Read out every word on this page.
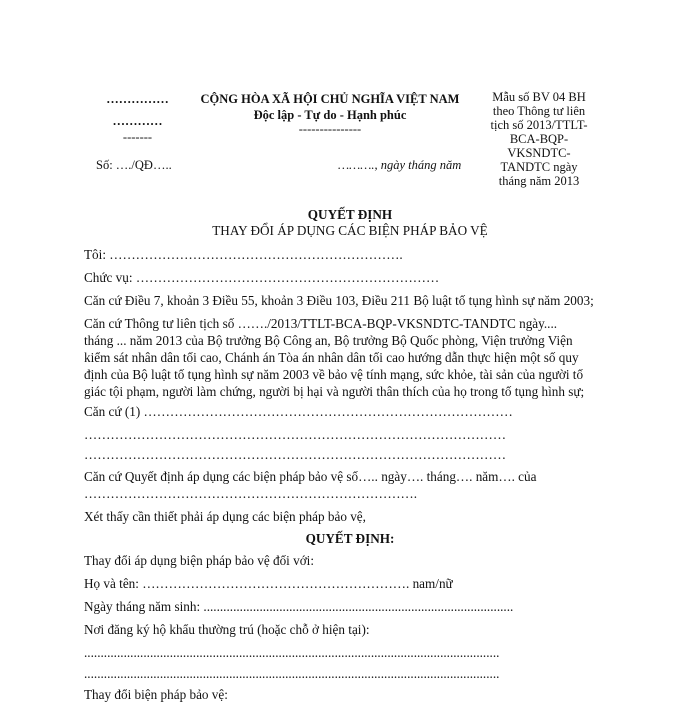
……………
…………
-------
Số: …./QĐ…..
CỘNG HÒA XÃ HỘI CHỦ NGHĨA VIỆT NAM
Độc lập - Tự do - Hạnh phúc
---------------
………., ngày tháng năm
Mẫu số BV 04 BH
theo Thông tư liên
tịch số 2013/TTLT-
BCA-BQP-
VKSNDTC-
TANDTC ngày
tháng năm 2013
QUYẾT ĐỊNH
THAY ĐỔI ÁP DỤNG CÁC BIỆN PHÁP BẢO VỆ
Tôi: ………………………………………………………….
Chức vụ: ……………………………………………………………
Căn cứ Điều 7, khoản 3 Điều 55, khoản 3 Điều 103, Điều 211 Bộ luật tố tụng hình sự năm 2003;
Căn cứ Thông tư liên tịch số ……./2013/TTLT-BCA-BQP-VKSNDTC-TANDTC ngày....
tháng ... năm 2013 của Bộ trưởng Bộ Công an, Bộ trưởng Bộ Quốc phòng, Viện trưởng Viện
kiểm sát nhân dân tối cao, Chánh án Tòa án nhân dân tối cao hướng dẫn thực hiện một số quy
định của Bộ luật tố tụng hình sự năm 2003 về bảo vệ tính mạng, sức khỏe, tài sản của người tố
giác tội phạm, người làm chứng, người bị hại và người thân thích của họ trong tố tụng hình sự;
Căn cứ (1) …………………………………………………………………………
……………………………………………………………………………………
……………………………………………………………………………………
Căn cứ Quyết định áp dụng các biện pháp bảo vệ số….. ngày…. tháng…. năm…. của
………………………………………………………………….
Xét thấy cần thiết phải áp dụng các biện pháp bảo vệ,
QUYẾT ĐỊNH:
Thay đổi áp dụng biện pháp bảo vệ đối với:
Họ và tên: ……………………………………………………. nam/nữ
Ngày tháng năm sinh: ..............................................................................................
Nơi đăng ký hộ khẩu thường trú (hoặc chỗ ở hiện tại):
..............................................................................................................................
..............................................................................................................................
Thay đổi biện pháp bảo vệ:
